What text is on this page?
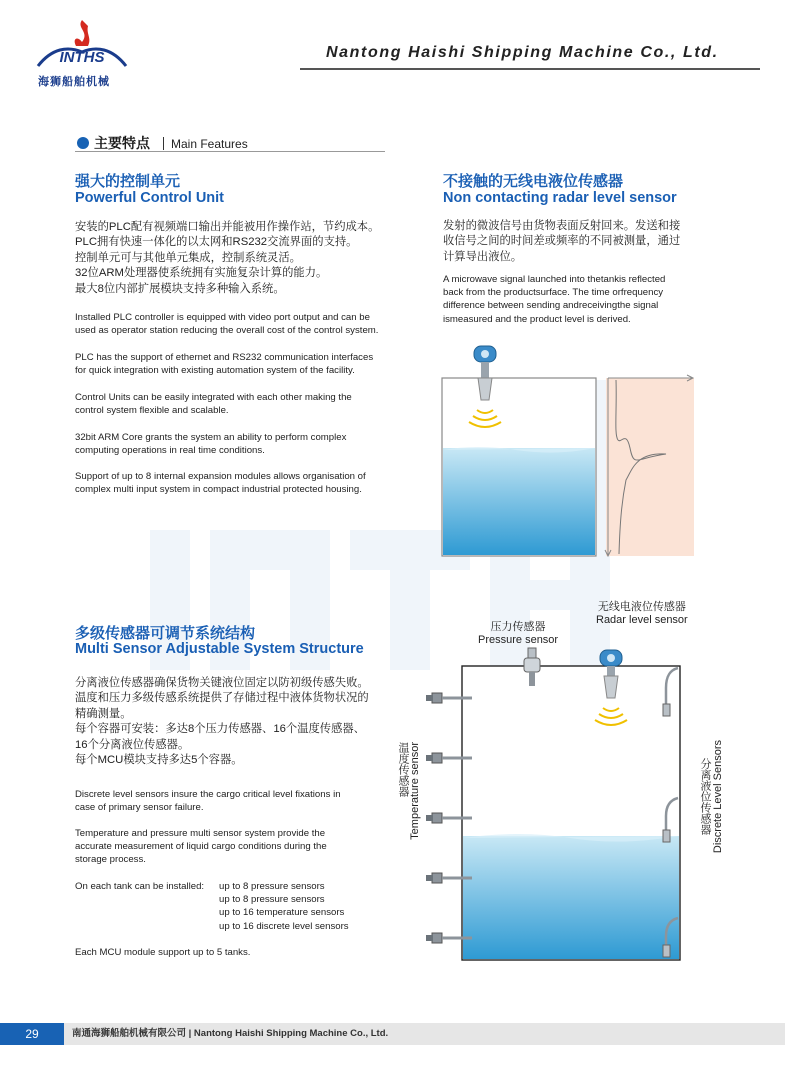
INTHS
海狮船舶机械
Nantong Haishi Shipping Machine Co., Ltd.
主要特点 Main Features
强大的控制单元
Powerful Control Unit
安装的PLC配有视频端口输出并能被用作操作站，节约成本。
PLC拥有快速一体化的以太网和RS232交流界面的支持。
控制单元可与其他单元集成，控制系统灵活。
32位ARM处理器使系统拥有实施复杂计算的能力。
最大8位内部扩展模块支持多种输入系统。
Installed PLC controller is equipped with video port output and can be
used as operator station reducing the overall cost of the control system.
PLC has the support of ethernet and RS232 communication interfaces
for quick integration with existing automation system of the facility.
Control Units can be easily integrated with each other making the
control system flexible and scalable.
32bit ARM Core grants the system an ability to perform complex
computing operations in real time conditions.
Support of up to 8 internal expansion modules allows organisation of
complex multi input system in compact industrial protected housing.
不接触的无线电液位传感器
Non contacting radar level sensor
发射的微波信号由货物表面反射回来。发送和接
收信号之间的时间差或频率的不同被测量，通过
计算导出液位。
A microwave signal launched into thetankis reflected
back from the productsurface. The time orfrequency
difference between sending andreceivingthe signal
ismeasured and the product level is derived.
多级传感器可调节系统结构
Multi Sensor Adjustable System Structure
分离液位传感器确保货物关键液位固定以防初级传感失败。
温度和压力多级传感系统提供了存储过程中液体货物状况的
精确测量。
每个容器可安装：多达8个压力传感器、16个温度传感器、
16个分离液位传感器。
每个MCU模块支持多达5个容器。
Discrete level sensors insure the cargo critical level fixations in
case of primary sensor failure.
Temperature and pressure multi sensor system provide the
accurate measurement of liquid cargo conditions during the
storage process.
On each tank can be installed: up to 8 pressure sensors
up to 8 pressure sensors
up to 16 temperature sensors
up to 16 discrete level sensors
Each MCU module support up to 5 tanks.
无线电液位传感器
Radar level sensor
压力传感器
Pressure sensor
温度传感器 Temperature sensor	分离液位传感器 Discrete Level Sensors
29	南通海狮船舶机械有限公司 | Nantong Haishi Shipping Machine Co., Ltd.
